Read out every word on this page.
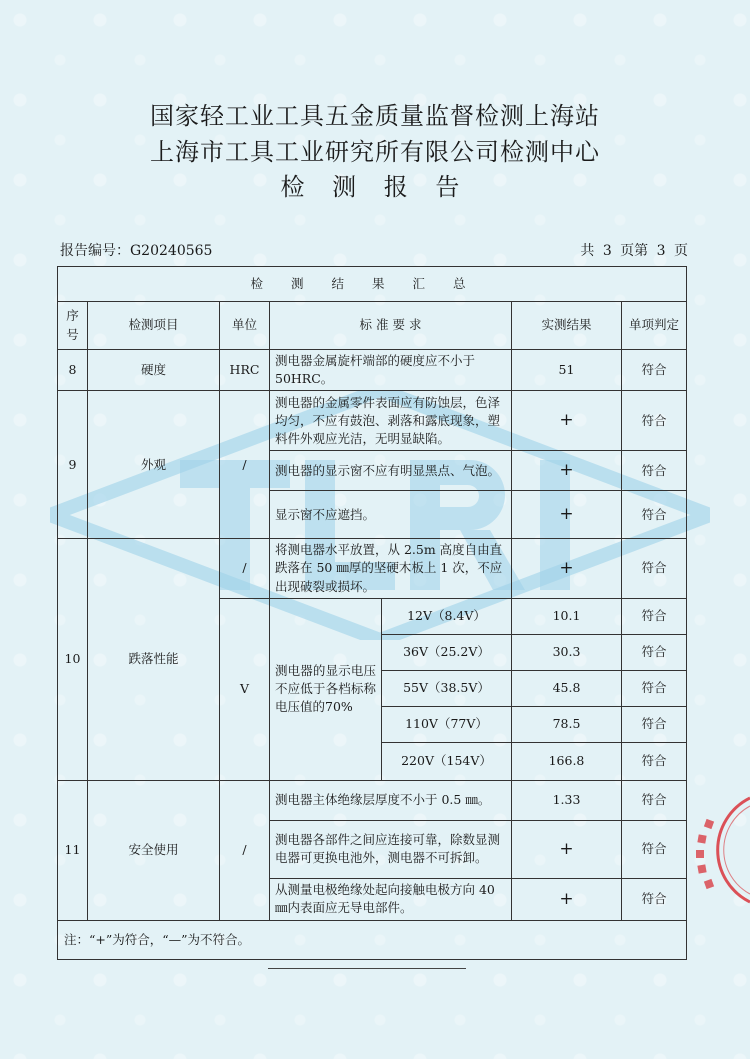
国家轻工业工具五金质量监督检测上海站
上海市工具工业研究所有限公司检测中心
检 测 报 告
报告编号：G20240565	共 3 页第 3 页
检测结果汇总						
序号	检测项目	单位	标 准 要 求		实测结果	单项判定
8	硬度	HRC	测电器金属旋杆端部的硬度应不小于50HRC。		51	符合
9	外观	/	测电器的金属零件表面应有防蚀层，色泽均匀，不应有鼓泡、剥落和露底现象，塑料件外观应光洁，无明显缺陷。		+	符合
			测电器的显示窗不应有明显黑点、气泡。		+	符合
			显示窗不应遮挡。		+	符合
10	跌落性能	/	将测电器水平放置，从 2.5m 高度自由直跌落在 50 ㎜厚的坚硬木板上 1 次，不应出现破裂或损坏。		+	符合
		V	测电器的显示电压不应低于各档标称电压值的70%	12V（8.4V）	10.1	符合
				36V（25.2V）	30.3	符合
				55V（38.5V）	45.8	符合
				110V（77V）	78.5	符合
				220V（154V）	166.8	符合
11	安全使用	/	测电器主体绝缘层厚度不小于 0.5 ㎜。		1.33	符合
			测电器各部件之间应连接可靠，除数显测电器可更换电池外，测电器不可拆卸。		+	符合
			从测量电极绝缘处起向接触电极方向 40 ㎜内表面应无导电部件。		+	符合
注：“+”为符合，“—”为不符合。						
